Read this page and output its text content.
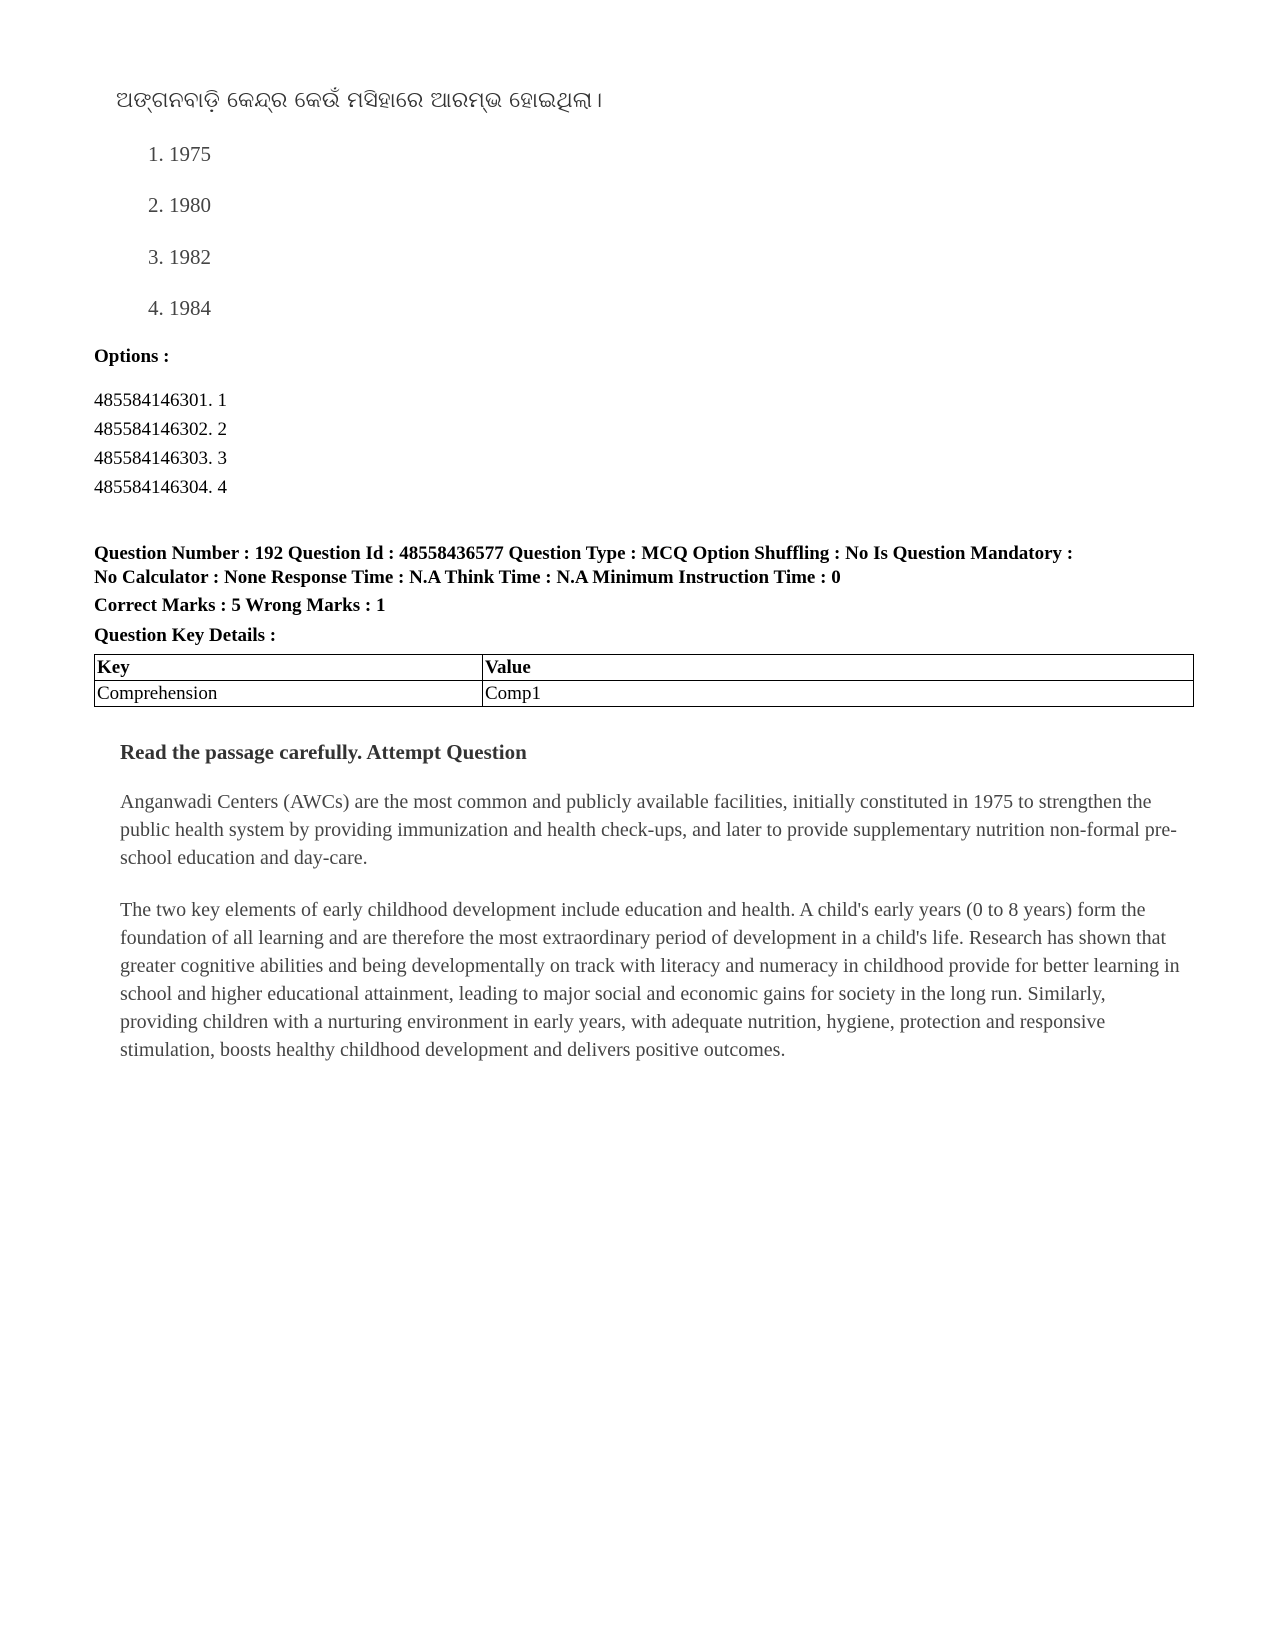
ଅଙ୍ଗନବାଡ଼ି କେନ୍ଦ୍ର କେଉଁ ମସିହାରେ ଆରମ୍ଭ ହୋଇଥିଲା।
1. 1975
2. 1980
3. 1982
4. 1984
Options :
485584146301. 1
485584146302. 2
485584146303. 3
485584146304. 4
Question Number : 192 Question Id : 48558436577 Question Type : MCQ Option Shuffling : No Is Question Mandatory :
No Calculator : None Response Time : N.A Think Time : N.A Minimum Instruction Time : 0
Correct Marks : 5 Wrong Marks : 1
Question Key Details :
Key	Value
Comprehension	Comp1
Read the passage carefully. Attempt Question
Anganwadi Centers (AWCs) are the most common and publicly available facilities, initially constituted in 1975 to strengthen the public health system by providing immunization and health check-ups, and later to provide supplementary nutrition non-formal pre-school education and day-care.
The two key elements of early childhood development include education and health. A child's early years (0 to 8 years) form the foundation of all learning and are therefore the most extraordinary period of development in a child's life. Research has shown that greater cognitive abilities and being developmentally on track with literacy and numeracy in childhood provide for better learning in school and higher educational attainment, leading to major social and economic gains for society in the long run. Similarly, providing children with a nurturing environment in early years, with adequate nutrition, hygiene, protection and responsive stimulation, boosts healthy childhood development and delivers positive outcomes.
